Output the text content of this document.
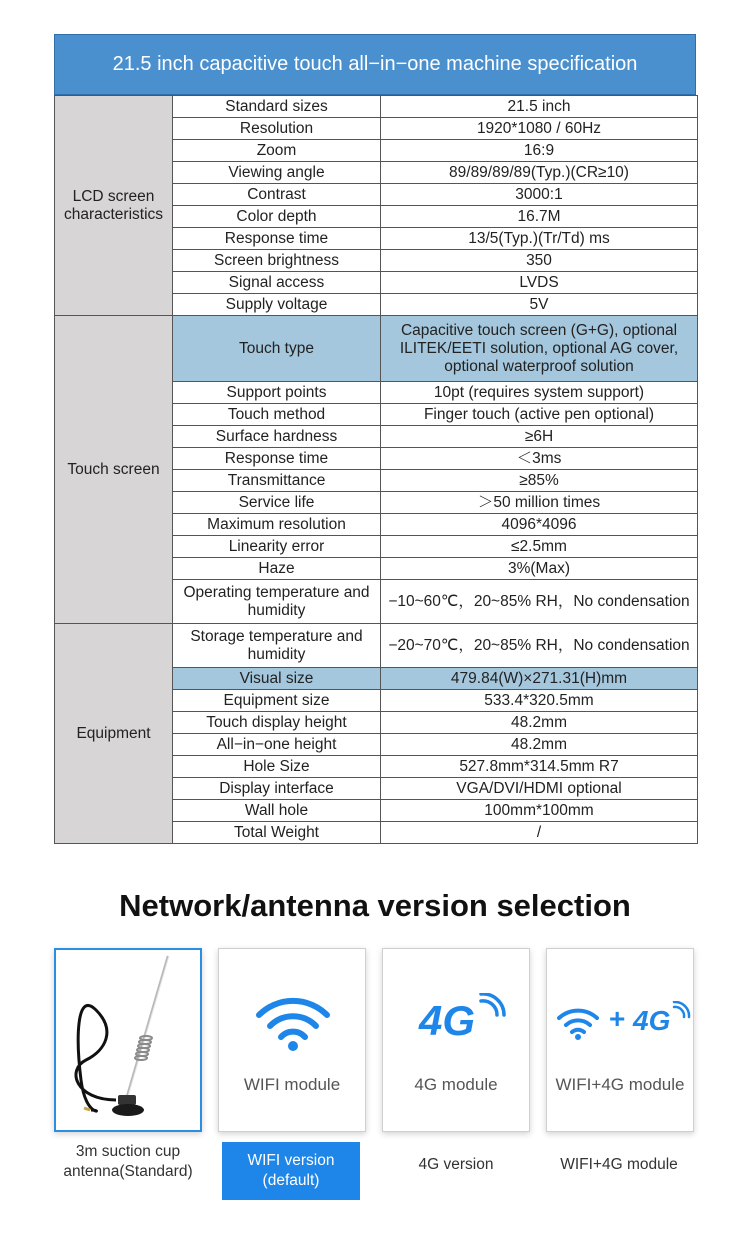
21.5 inch capacitive touch all−in−one machine specification
LCD screen characteristics	Standard sizes	21.5 inch
	Resolution	1920*1080 / 60Hz
	Zoom	16:9
	Viewing angle	89/89/89/89(Typ.)(CR≥10)
	Contrast	3000:1
	Color depth	16.7M
	Response time	13/5(Typ.)(Tr/Td) ms
	Screen brightness	350
	Signal access	LVDS
	Supply voltage	5V
Touch screen	Touch type	Capacitive touch screen (G+G), optional ILITEK/EETI solution, optional AG cover, optional waterproof solution
	Support points	10pt (requires system support)
	Touch method	Finger touch (active pen optional)
	Surface hardness	≥6H
	Response time	＜3ms
	Transmittance	≥85%
	Service life	＞50 million times
	Maximum resolution	4096*4096
	Linearity error	≤2.5mm
	Haze	3%(Max)
	Operating temperature and humidity	−10~60℃，20~85% RH，No condensation
Equipment	Storage temperature and humidity	−20~70℃，20~85% RH，No condensation
	Visual size	479.84(W)×271.31(H)mm
	Equipment size	533.4*320.5mm
	Touch display height	48.2mm
	All−in−one height	48.2mm
	Hole Size	527.8mm*314.5mm R7
	Display interface	VGA/DVI/HDMI optional
	Wall hole	100mm*100mm
	Total Weight	/
Network/antenna version selection
WIFI module
4G
4G module
+ 4G
WIFI+4G module
3m suction cup
antenna(Standard)
WIFI version
(default)
4G version	WIFI+4G module
